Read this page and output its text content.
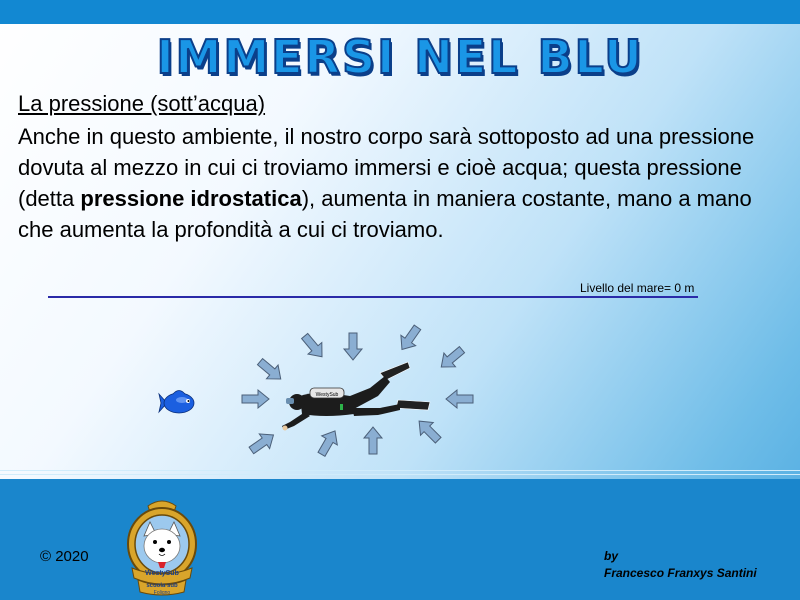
IMMERSI NEL BLU
La pressione (sott’acqua)
Anche in questo ambiente, il nostro corpo sarà sottoposto ad una pressione dovuta al mezzo in cui ci troviamo immersi e cioè acqua; questa pressione (detta pressione idrostatica), aumenta in maniera costante, mano a mano che aumenta la profondità a cui ci troviamo.
Livello del mare= 0 m
WestySub
© 2020
WestySub
scuola sub
Foligno
by
Francesco Franxys Santini
